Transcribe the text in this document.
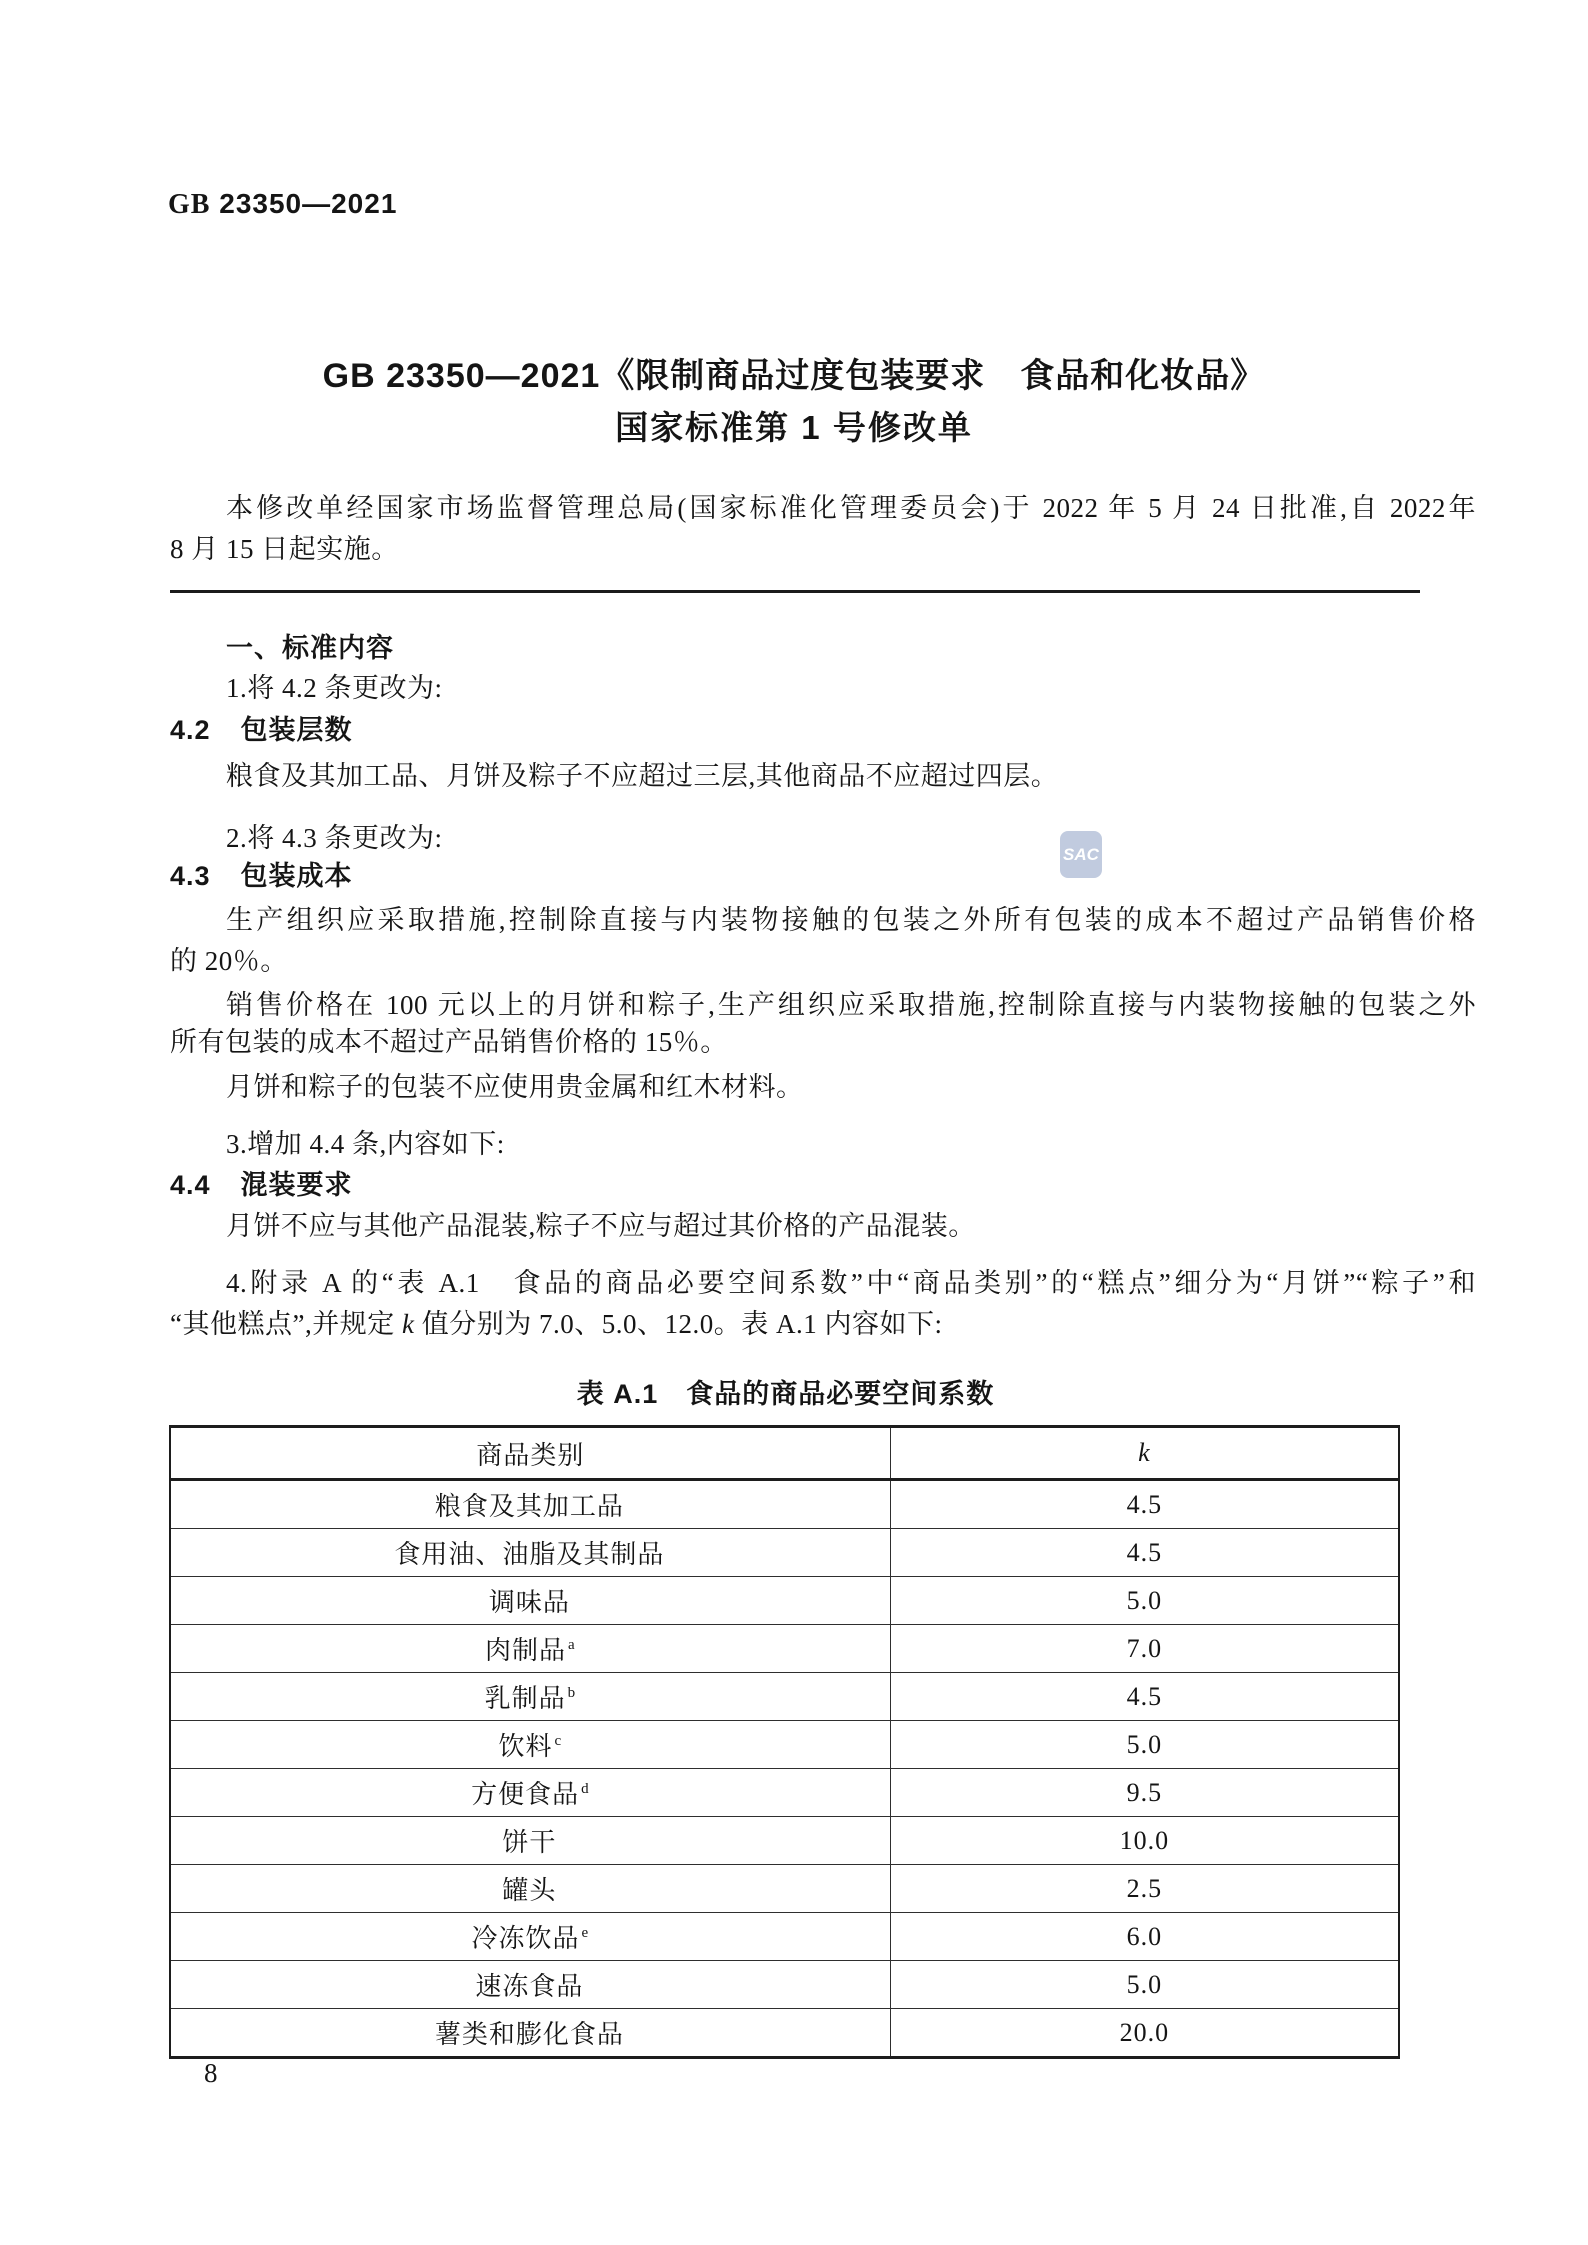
GB 23350—2021
GB 23350—2021《限制商品过度包装要求　食品和化妆品》
国家标准第 1 号修改单
本修改单经国家市场监督管理总局(国家标准化管理委员会)于 2022 年 5 月 24 日批准,自 2022年
8 月 15 日起实施。
SAC
一、标准内容
1.将 4.2 条更改为:
4.2 包装层数
粮食及其加工品、月饼及粽子不应超过三层,其他商品不应超过四层。
2.将 4.3 条更改为:
4.3 包装成本
生产组织应采取措施,控制除直接与内装物接触的包装之外所有包装的成本不超过产品销售价格
的 20％。
销售价格在 100 元以上的月饼和粽子,生产组织应采取措施,控制除直接与内装物接触的包装之外
所有包装的成本不超过产品销售价格的 15％。
月饼和粽子的包装不应使用贵金属和红木材料。
3.增加 4.4 条,内容如下:
4.4 混装要求
月饼不应与其他产品混装,粽子不应与超过其价格的产品混装。
4.附录 A 的“表 A.1　食品的商品必要空间系数”中“商品类别”的“糕点”细分为“月饼”“粽子”和
“其他糕点”,并规定 k 值分别为 7.0、5.0、12.0。表 A.1 内容如下:
表 A.1　食品的商品必要空间系数
商品类别	k
粮食及其加工品	4.5
食用油、油脂及其制品	4.5
调味品	5.0
肉制品 $^a$	7.0
乳制品 $^b$	4.5
饮料 $^c$	5.0
方便食品 $^d$	9.5
饼干	10.0
罐头	2.5
冷冻饮品 $^e$	6.0
速冻食品	5.0
薯类和膨化食品	20.0
8
